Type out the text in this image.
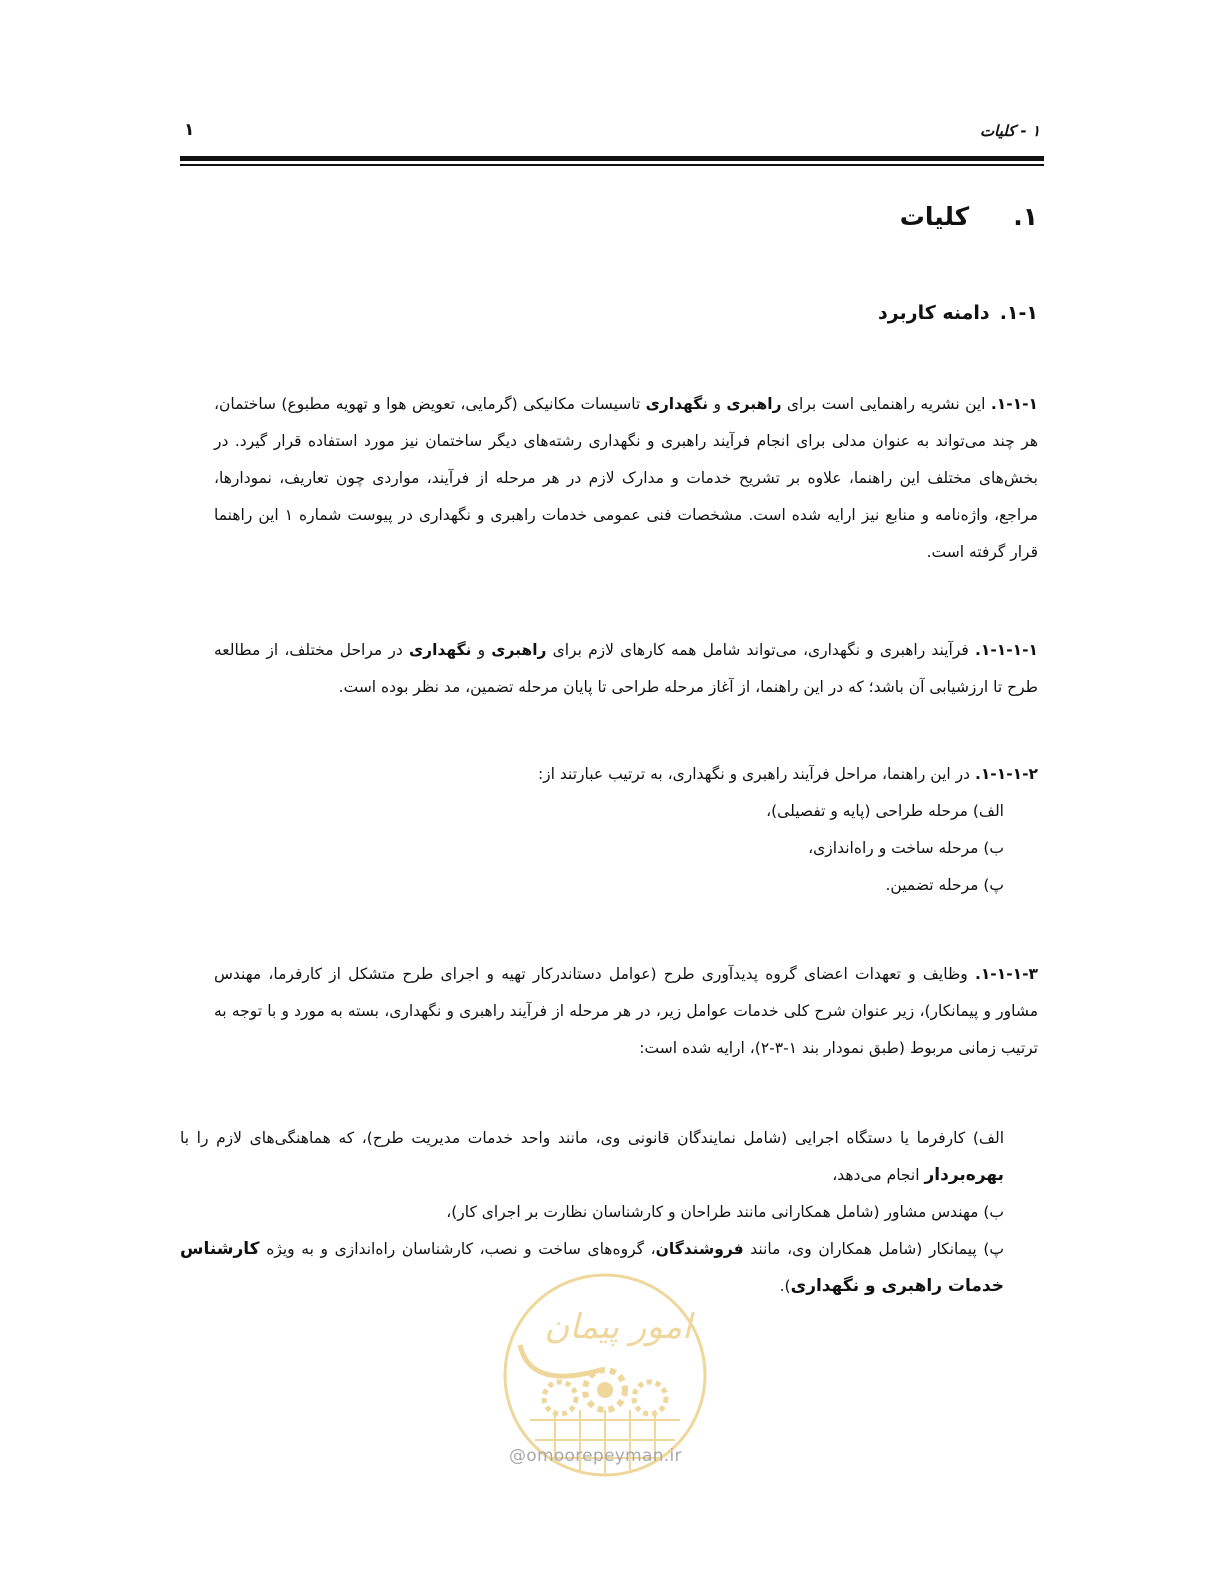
۱ - کلیات
۱
۱.کلیات
۱-۱.دامنه کاربرد
۱-۱-۱. این نشریه راهنمایی است برای راهبری و نگهداری تاسیسات مکانیکی (گرمایی، تعویض هوا و تهویه مطبوع) ساختمان، هر چند می‌تواند به عنوان مدلی برای انجام فرآیند راهبری و نگهداری رشته‌های دیگر ساختمان نیز مورد استفاده قرار گیرد. در بخش‌های مختلف این راهنما، علاوه بر تشریح خدمات و مدارک لازم در هر مرحله از فرآیند، مواردی چون تعاریف، نمودارها، مراجع، واژه‌نامه و منابع نیز ارایه شده است. مشخصات فنی عمومی خدمات راهبری و نگهداری در پیوست شماره ۱ این راهنما قرار گرفته است.
۱-۱-۱-۱. فرآیند راهبری و نگهداری، می‌تواند شامل همه کارهای لازم برای راهبری و نگهداری در مراحل مختلف، از مطالعه طرح تا ارزشیابی آن باشد؛ که در این راهنما، از آغاز مرحله طراحی تا پایان مرحله تضمین، مد نظر بوده است.
۱-۱-۱-۲. در این راهنما، مراحل فرآیند راهبری و نگهداری، به ترتیب عبارتند از:
الف) مرحله طراحی (پایه و تفصیلی)،
ب) مرحله ساخت و راه‌اندازی،
پ) مرحله تضمین.
۱-۱-۱-۳. وظایف و تعهدات اعضای گروه پدیدآوری طرح (عوامل دستاندرکار تهیه و اجرای طرح متشکل از کارفرما، مهندس مشاور و پیمانکار)، زیر عنوان شرح کلی خدمات عوامل زیر، در هر مرحله از فرآیند راهبری و نگهداری، بسته به مورد و با توجه به ترتیب زمانی مربوط (طبق نمودار بند ۱-۳-۲)، ارایه شده است:
الف) کارفرما یا دستگاه اجرایی (شامل نمایندگان قانونی وی، مانند واحد خدمات مدیریت طرح)، که هماهنگی‌های لازم را با بهره‌بردار انجام می‌دهد،
ب) مهندس مشاور (شامل همکارانی مانند طراحان و کارشناسان نظارت بر اجرای کار)،
پ) پیمانکار (شامل همکاران وی، مانند فروشندگان، گروه‌های ساخت و نصب، کارشناسان راه‌اندازی و به ویژه کارشناس خدمات راهبری و نگهداری).
امور پیمان
@omoorepeyman.ir
